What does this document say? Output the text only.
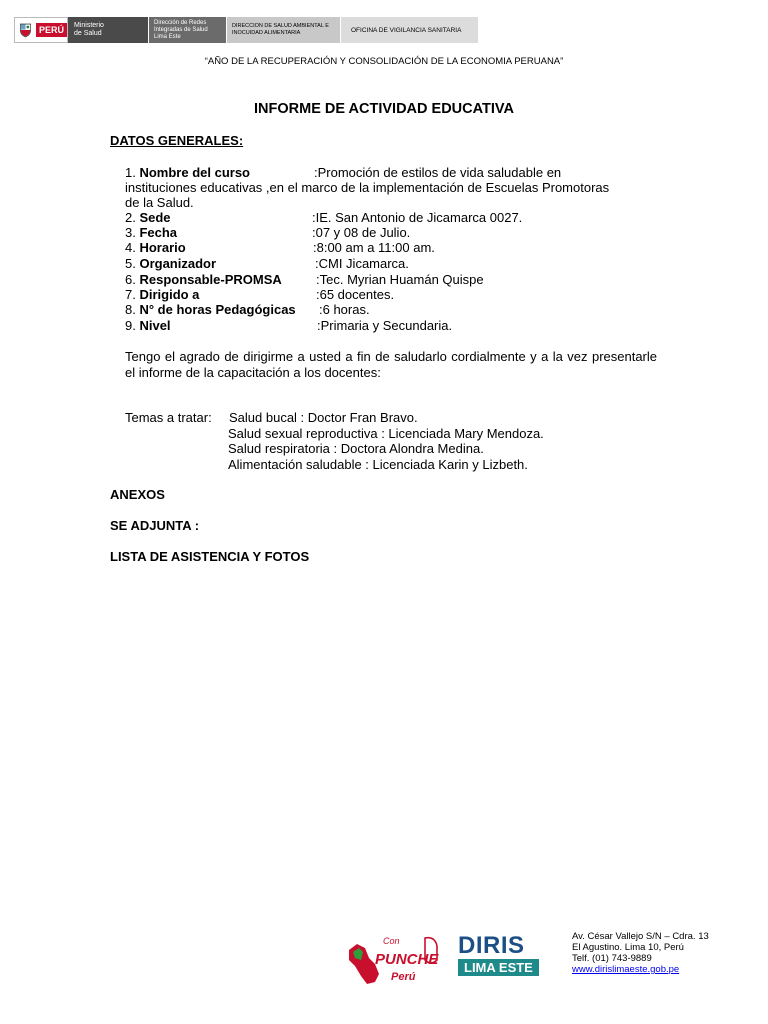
PERÚ	Ministerio
de Salud
Dirección de Redes
Integradas de Salud
Lima Este
DIRECCION DE SALUD AMBIENTAL E
INOCUIDAD ALIMENTARIA	OFICINA DE VIGILANCIA SANITARIA
“AÑO DE LA RECUPERACIÓN Y CONSOLIDACIÓN DE LA ECONOMIA PERUANA”
INFORME DE ACTIVIDAD EDUCATIVA
DATOS GENERALES:
1. Nombre del curso	:Promoción de estilos de vida saludable en
instituciones educativas ,en el marco de la implementación de Escuelas Promotoras
de la Salud.
2. Sede	:IE. San Antonio de Jicamarca 0027.
3. Fecha	:07 y 08 de Julio.
4. Horario	:8:00 am a 11:00 am.
5. Organizador	:CMI Jicamarca.
6. Responsable-PROMSA	:Tec. Myrian Huamán Quispe
7. Dirigido a	:65 docentes.
8. N° de horas Pedagógicas :6 horas.
9. Nivel	:Primaria y Secundaria.
Tengo el agrado de dirigirme a usted a fin de saludarlo cordialmente y a la vez presentarle el informe de la capacitación a los docentes:
Temas a tratar: Salud bucal : Doctor Fran Bravo.
Salud sexual reproductiva : Licenciada Mary Mendoza.
Salud respiratoria : Doctora Alondra Medina.
Alimentación saludable : Licenciada Karin y Lizbeth.
ANEXOS
SE ADJUNTA :
LISTA DE ASISTENCIA Y FOTOS
Con
PUNCHE
Perú
DIRIS
LIMA ESTE
Av. César Vallejo S/N – Cdra. 13
El Agustino. Lima 10, Perú
Telf. (01) 743-9889
www.dirislimaeste.gob.pe
